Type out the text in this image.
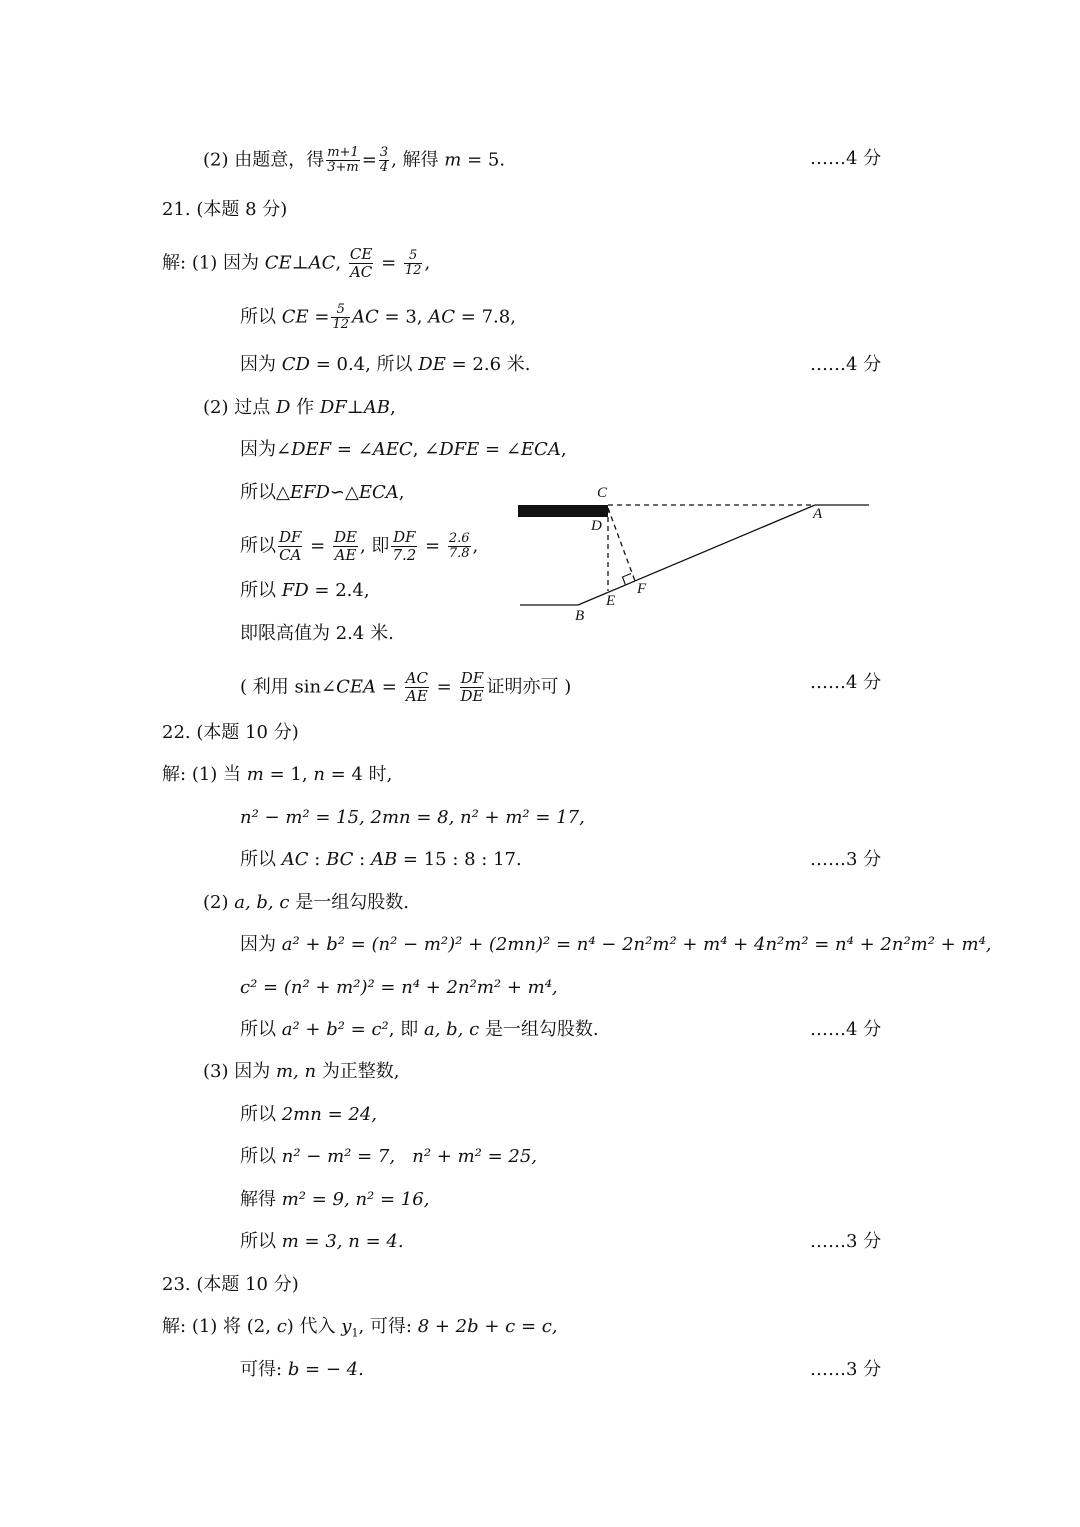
(2) 由题意，得 $\frac{m+1}{3+m} = \frac{3}{4}$ , 解得 m = 5.	……4 分
21. (本题 8 分)
解: (1) 因为 CE⊥AC, $\frac{CE}{AC} = \frac{5}{12}$ ,
所以 CE = $\frac{5}{12}$ AC = 3, AC = 7.8,
因为 CD = 0.4, 所以 DE = 2.6 米.	……4 分
(2) 过点 D 作 DF⊥AB,
因为∠DEF = ∠AEC, ∠DFE = ∠ECA,
所以△EFD∽△ECA,
所以 $\frac{DF}{CA} = \frac{DE}{AE}$ , 即 $\frac{DF}{7.2} = \frac{2.6}{7.8}$ ,
所以 FD = 2.4,
即限高值为 2.4 米.
( 利用 sin∠CEA = $\frac{AC}{AE} = \frac{DF}{DE}$ 证明亦可 )	……4 分
C
D
A
E
F
B
22. (本题 10 分)
解: (1) 当 m = 1, n = 4 时,
n² − m² = 15, 2mn = 8, n² + m² = 17,
所以 AC : BC : AB = 15 : 8 : 17.	……3 分
(2) a, b, c 是一组勾股数.
因为 a² + b² = (n² − m²)² + (2mn)² = n⁴ − 2n²m² + m⁴ + 4n²m² = n⁴ + 2n²m² + m⁴,
c² = (n² + m²)² = n⁴ + 2n²m² + m⁴,
所以 a² + b² = c², 即 a, b, c 是一组勾股数.	……4 分
(3) 因为 m, n 为正整数,
所以 2mn = 24,
所以 n² − m² = 7, n² + m² = 25,
解得 m² = 9, n² = 16,
所以 m = 3, n = 4.	……3 分
23. (本题 10 分)
解: (1) 将 (2, c) 代入 $y_1$, 可得: 8 + 2b + c = c,
可得: b = − 4.	……3 分
